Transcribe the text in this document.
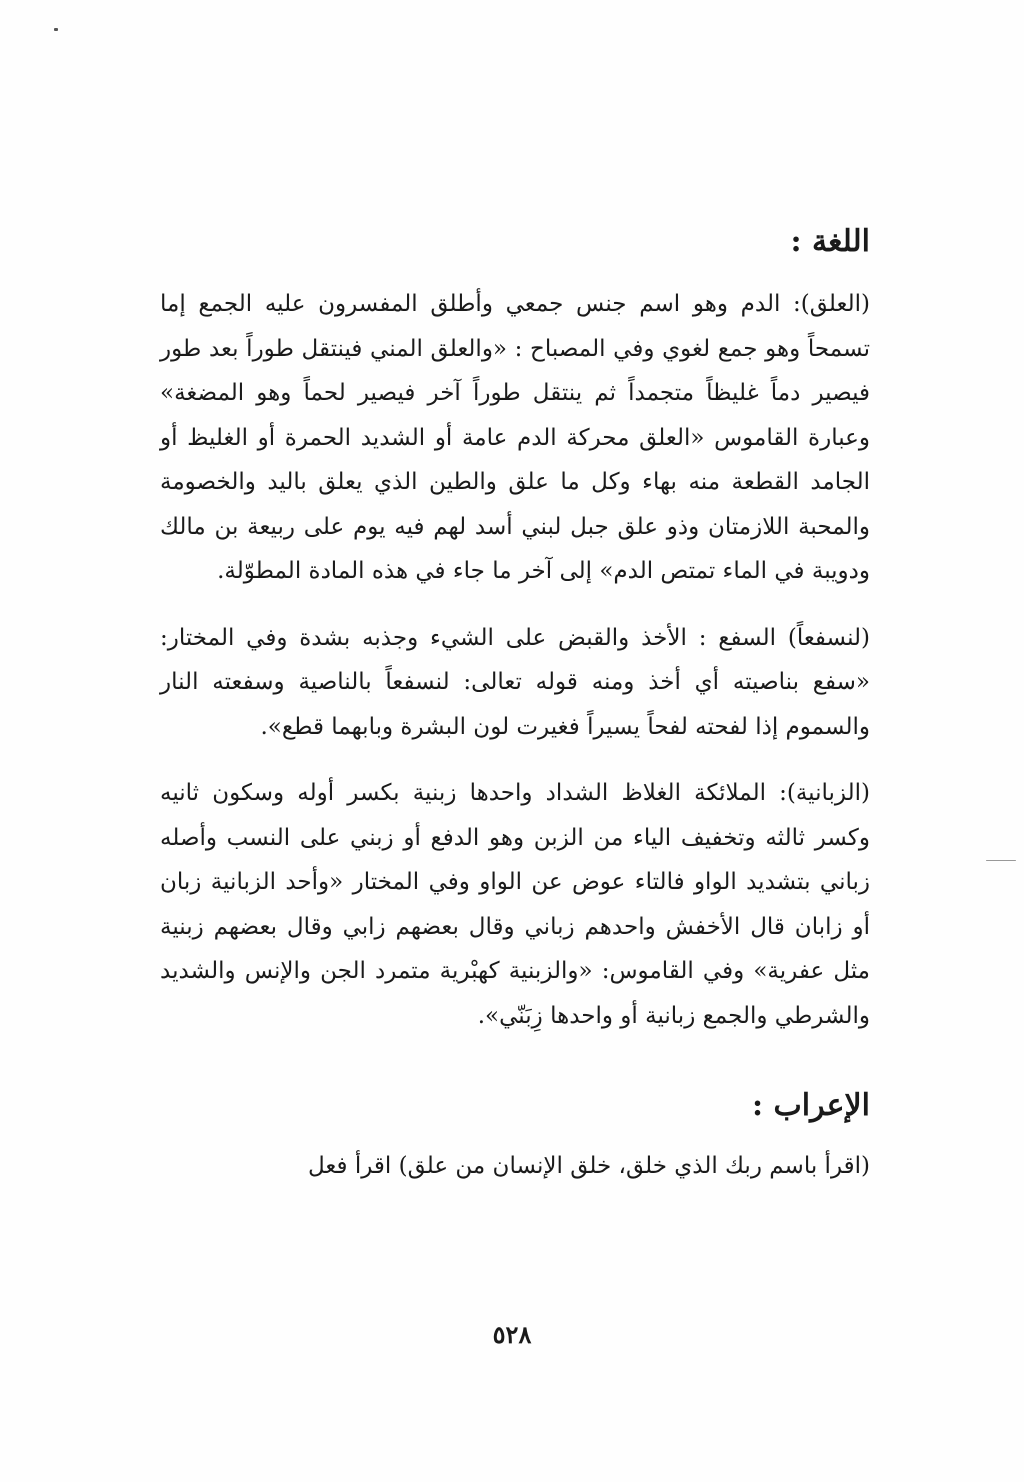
اللغة :

(العلق): الدم وهو اسم جنس جمعي وأطلق المفسرون عليه الجمع إما تسمحاً وهو جمع لغوي وفي المصباح : «والعلق المني فينتقل طوراً بعد طور فيصير دماً غليظاً متجمداً ثم ينتقل طوراً آخر فيصير لحماً وهو المضغة» وعبارة القاموس «العلق محركة الدم عامة أو الشديد الحمرة أو الغليظ أو الجامد القطعة منه بهاء وكل ما علق والطين الذي يعلق باليد والخصومة والمحبة اللازمتان وذو علق جبل لبني أسد لهم فيه يوم على ربيعة بن مالك ودويبة في الماء تمتص الدم» إلى آخر ما جاء في هذه المادة المطوّلة.

(لنسفعاً) السفع : الأخذ والقبض على الشيء وجذبه بشدة وفي المختار: «سفع بناصيته أي أخذ ومنه قوله تعالى: لنسفعاً بالناصية وسفعته النار والسموم إذا لفحته لفحاً يسيراً فغيرت لون البشرة وبابهما قطع».

(الزبانية): الملائكة الغلاظ الشداد واحدها زبنية بكسر أوله وسكون ثانيه وكسر ثالثه وتخفيف الياء من الزبن وهو الدفع أو زبني على النسب وأصله زباني بتشديد الواو فالتاء عوض عن الواو وفي المختار «وأحد الزبانية زبان أو زابان قال الأخفش واحدهم زباني وقال بعضهم زابي وقال بعضهم زبنية مثل عفرية» وفي القاموس: «والزبنية كهبْرية متمرد الجن والإنس والشديد والشرطي والجمع زبانية أو واحدها زِبَنّي».

الإعراب :

(اقرأ باسم ربك الذي خلق، خلق الإنسان من علق) اقرأ فعل

٥٢٨
